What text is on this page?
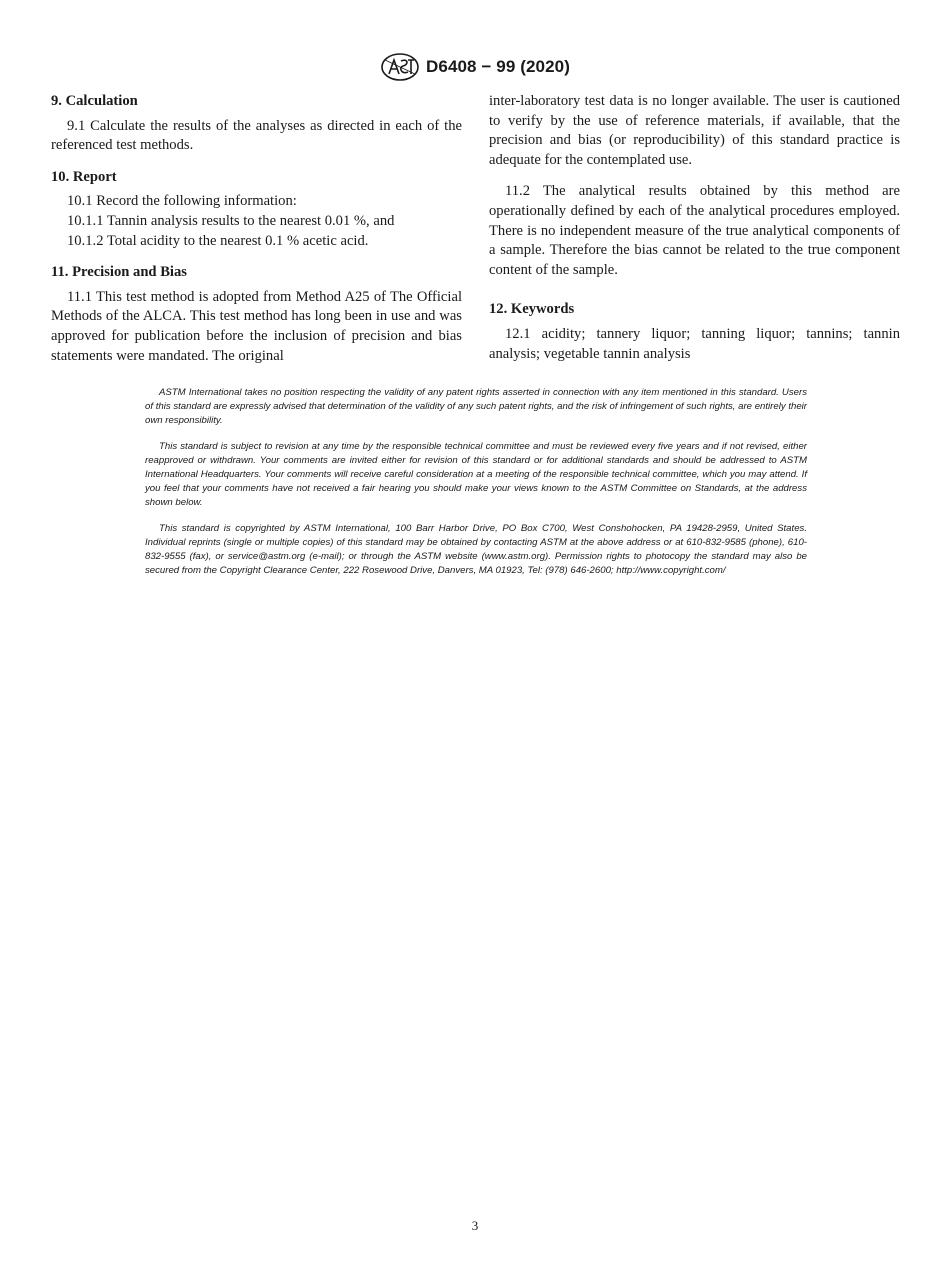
D6408 − 99 (2020)

9. Calculation

9.1 Calculate the results of the analyses as directed in each of the referenced test methods.

10. Report

10.1 Record the following information:

10.1.1 Tannin analysis results to the nearest 0.01 %, and

10.1.2 Total acidity to the nearest 0.1 % acetic acid.

11. Precision and Bias

11.1 This test method is adopted from Method A25 of The Official Methods of the ALCA. This test method has long been in use and was approved for publication before the inclusion of precision and bias statements were mandated. The original

inter-laboratory test data is no longer available. The user is cautioned to verify by the use of reference materials, if available, that the precision and bias (or reproducibility) of this standard practice is adequate for the contemplated use.

11.2 The analytical results obtained by this method are operationally defined by each of the analytical procedures employed. There is no independent measure of the true analytical components of a sample. Therefore the bias cannot be related to the true component content of the sample.

12. Keywords

12.1 acidity; tannery liquor; tanning liquor; tannins; tannin analysis; vegetable tannin analysis

ASTM International takes no position respecting the validity of any patent rights asserted in connection with any item mentioned in this standard. Users of this standard are expressly advised that determination of the validity of any such patent rights, and the risk of infringement of such rights, are entirely their own responsibility.

This standard is subject to revision at any time by the responsible technical committee and must be reviewed every five years and if not revised, either reapproved or withdrawn. Your comments are invited either for revision of this standard or for additional standards and should be addressed to ASTM International Headquarters. Your comments will receive careful consideration at a meeting of the responsible technical committee, which you may attend. If you feel that your comments have not received a fair hearing you should make your views known to the ASTM Committee on Standards, at the address shown below.

This standard is copyrighted by ASTM International, 100 Barr Harbor Drive, PO Box C700, West Conshohocken, PA 19428-2959, United States. Individual reprints (single or multiple copies) of this standard may be obtained by contacting ASTM at the above address or at 610-832-9585 (phone), 610-832-9555 (fax), or service@astm.org (e-mail); or through the ASTM website (www.astm.org). Permission rights to photocopy the standard may also be secured from the Copyright Clearance Center, 222 Rosewood Drive, Danvers, MA 01923, Tel: (978) 646-2600; http://www.copyright.com/

3
